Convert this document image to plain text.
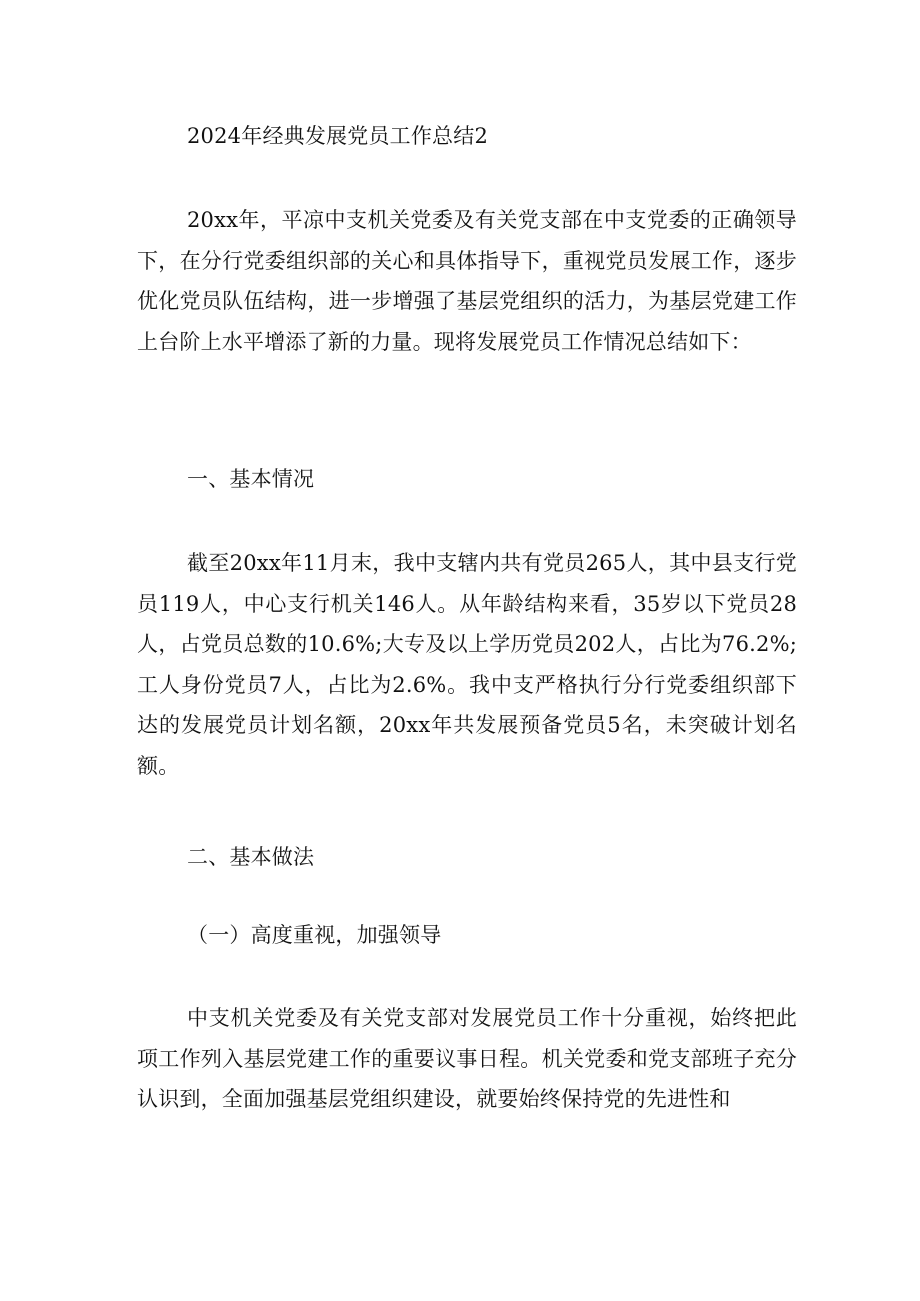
2024年经典发展党员工作总结2
20xx年，平凉中支机关党委及有关党支部在中支党委的正确领导下，在分行党委组织部的关心和具体指导下，重视党员发展工作，逐步优化党员队伍结构，进一步增强了基层党组织的活力，为基层党建工作上台阶上水平增添了新的力量。现将发展党员工作情况总结如下：
一、基本情况
截至20xx年11月末，我中支辖内共有党员265人，其中县支行党员119人，中心支行机关146人。从年龄结构来看，35岁以下党员28人，占党员总数的10.6%;大专及以上学历党员202人，占比为76.2%;工人身份党员7人，占比为2.6%。我中支严格执行分行党委组织部下达的发展党员计划名额，20xx年共发展预备党员5名，未突破计划名额。
二、基本做法
（一）高度重视，加强领导
中支机关党委及有关党支部对发展党员工作十分重视，始终把此项工作列入基层党建工作的重要议事日程。机关党委和党支部班子充分认识到，全面加强基层党组织建设，就要始终保持党的先进性和
